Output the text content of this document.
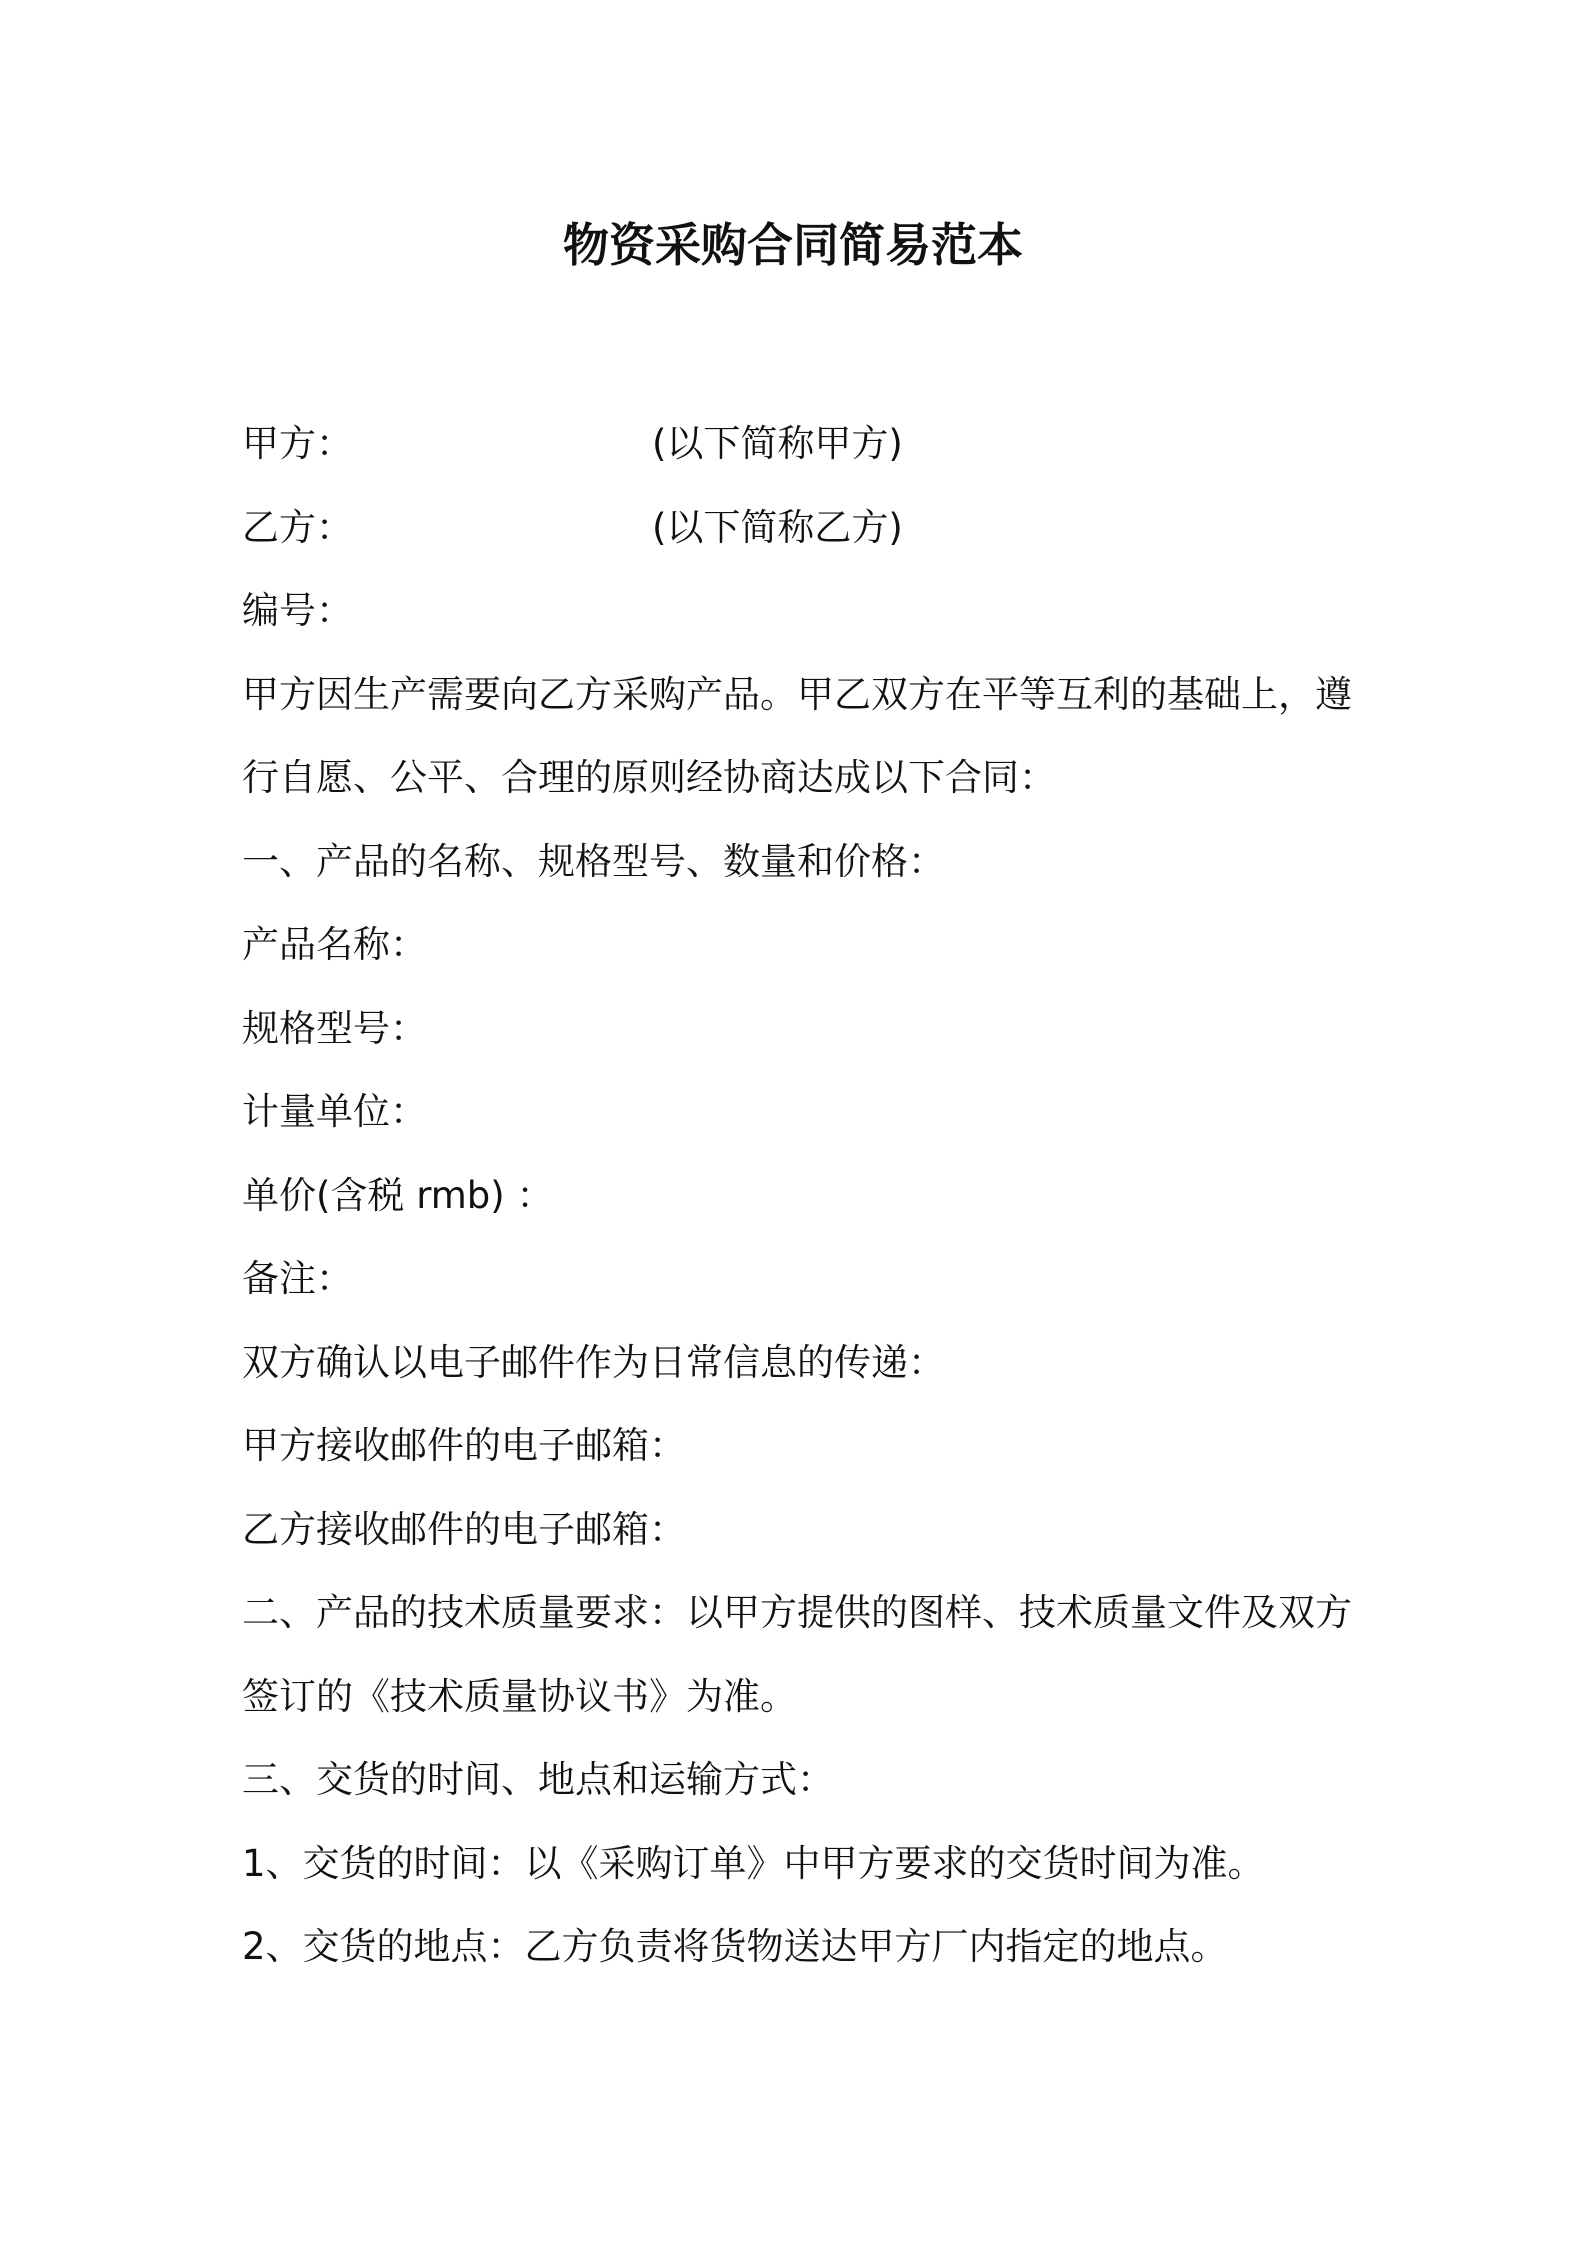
物资采购合同简易范本
甲方：	(以下简称甲方)
乙方：	(以下简称乙方)
编号：
甲方因生产需要向乙方采购产品。甲乙双方在平等互利的基础上，遵
行自愿、公平、合理的原则经协商达成以下合同：
一、产品的名称、规格型号、数量和价格：
产品名称：
规格型号：
计量单位：
单价(含税 rmb) ：
备注：
双方确认以电子邮件作为日常信息的传递：
甲方接收邮件的电子邮箱：
乙方接收邮件的电子邮箱：
二、产品的技术质量要求：以甲方提供的图样、技术质量文件及双方
签订的《技术质量协议书》为准。
三、交货的时间、地点和运输方式：
1、交货的时间：以《采购订单》中甲方要求的交货时间为准。
2、交货的地点：乙方负责将货物送达甲方厂内指定的地点。
